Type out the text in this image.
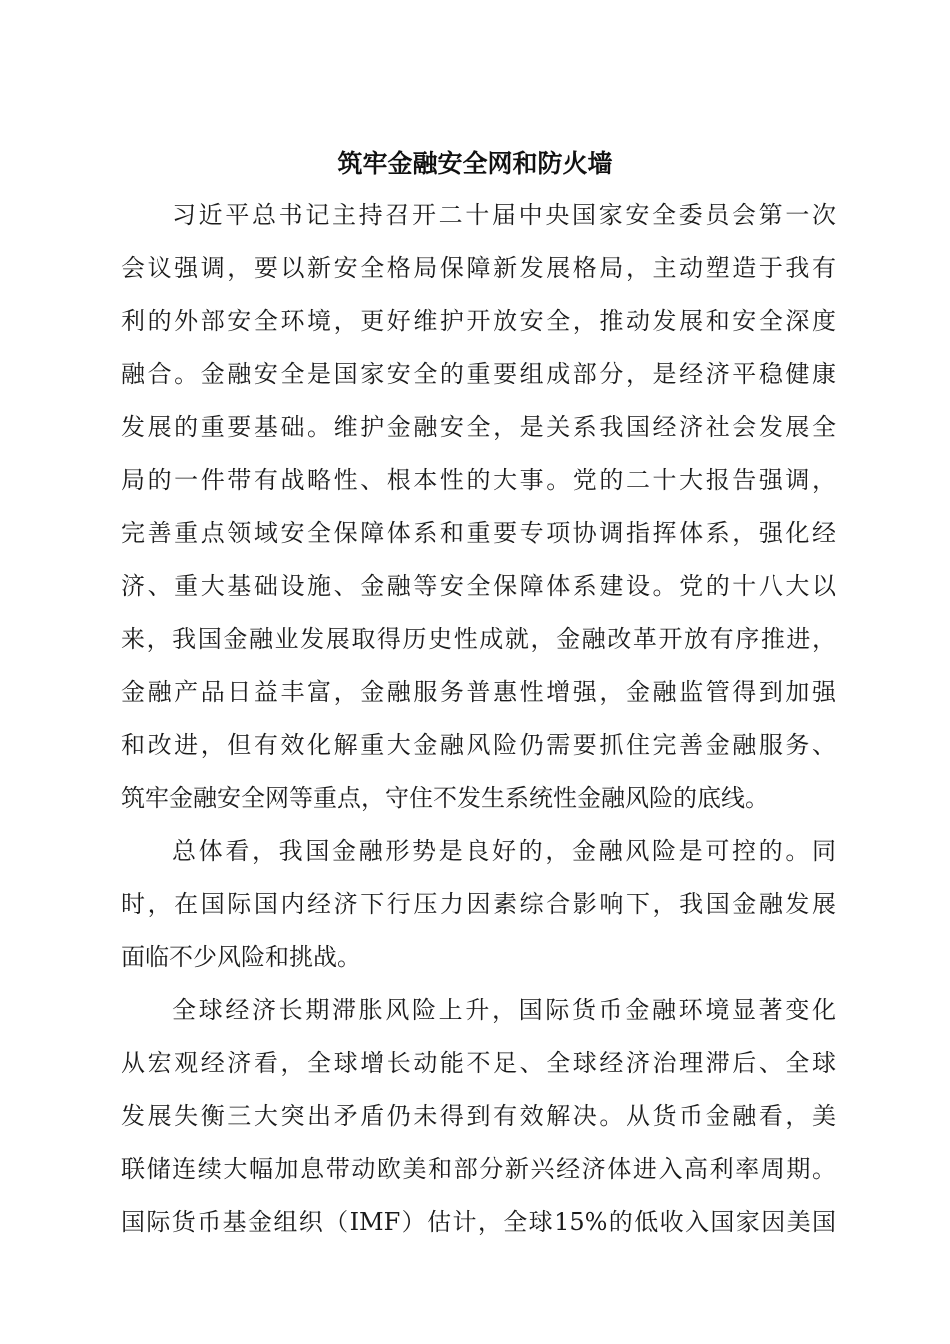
筑牢金融安全网和防火墙
习近平总书记主持召开二十届中央国家安全委员会第一次
会议强调，要以新安全格局保障新发展格局，主动塑造于我有
利的外部安全环境，更好维护开放安全，推动发展和安全深度
融合。金融安全是国家安全的重要组成部分，是经济平稳健康
发展的重要基础。维护金融安全，是关系我国经济社会发展全
局的一件带有战略性、根本性的大事。党的二十大报告强调，
完善重点领域安全保障体系和重要专项协调指挥体系，强化经
济、重大基础设施、金融等安全保障体系建设。党的十八大以
来，我国金融业发展取得历史性成就，金融改革开放有序推进，
金融产品日益丰富，金融服务普惠性增强，金融监管得到加强
和改进，但有效化解重大金融风险仍需要抓住完善金融服务、
筑牢金融安全网等重点，守住不发生系统性金融风险的底线。
总体看，我国金融形势是良好的，金融风险是可控的。同
时，在国际国内经济下行压力因素综合影响下，我国金融发展
面临不少风险和挑战。
全球经济长期滞胀风险上升，国际货币金融环境显著变化
从宏观经济看，全球增长动能不足、全球经济治理滞后、全球
发展失衡三大突出矛盾仍未得到有效解决。从货币金融看，美
联储连续大幅加息带动欧美和部分新兴经济体进入高利率周期。
国际货币基金组织（IMF）估计，全球15%的低收入国家因美国
